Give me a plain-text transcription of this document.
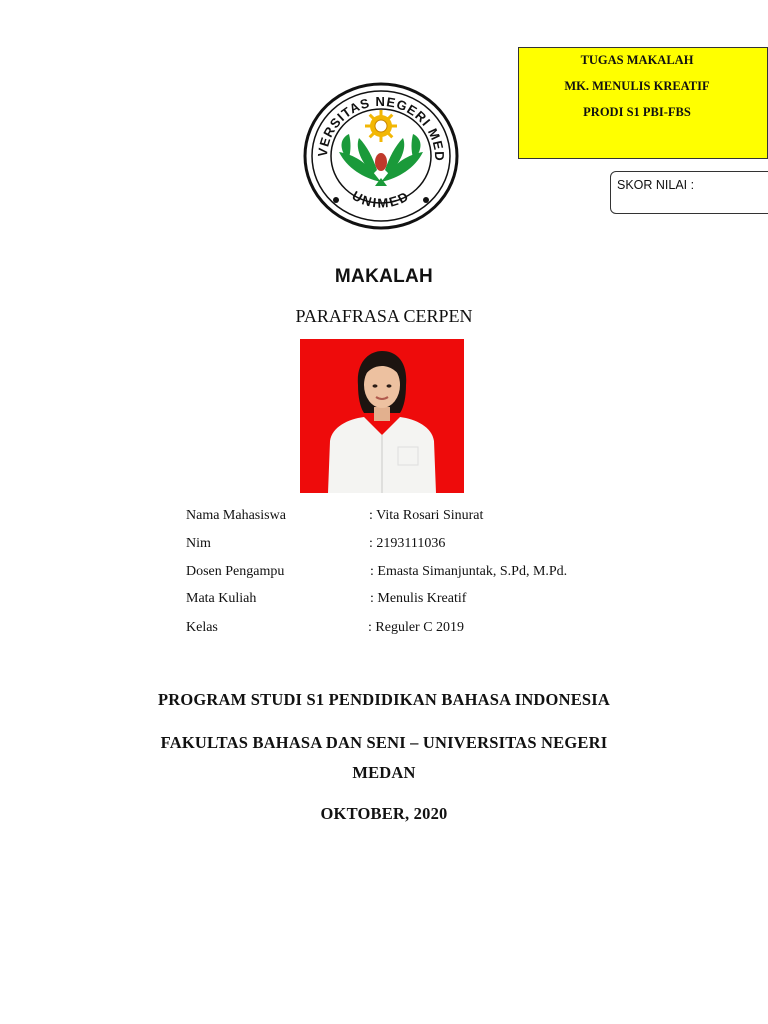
TUGAS MAKALAH
MK. MENULIS KREATIF
PRODI S1 PBI-FBS
SKOR NILAI :
VERSITAS NEGERI MED
UNIMED
MAKALAH
PARAFRASA CERPEN
Nama Mahasiswa	: Vita Rosari Sinurat
Nim	: 2193111036
Dosen Pengampu	: Emasta Simanjuntak, S.Pd, M.Pd.
Mata Kuliah	: Menulis Kreatif
Kelas	: Reguler C 2019
PROGRAM STUDI S1 PENDIDIKAN BAHASA INDONESIA
FAKULTAS BAHASA DAN SENI – UNIVERSITAS NEGERI
MEDAN
OKTOBER, 2020
